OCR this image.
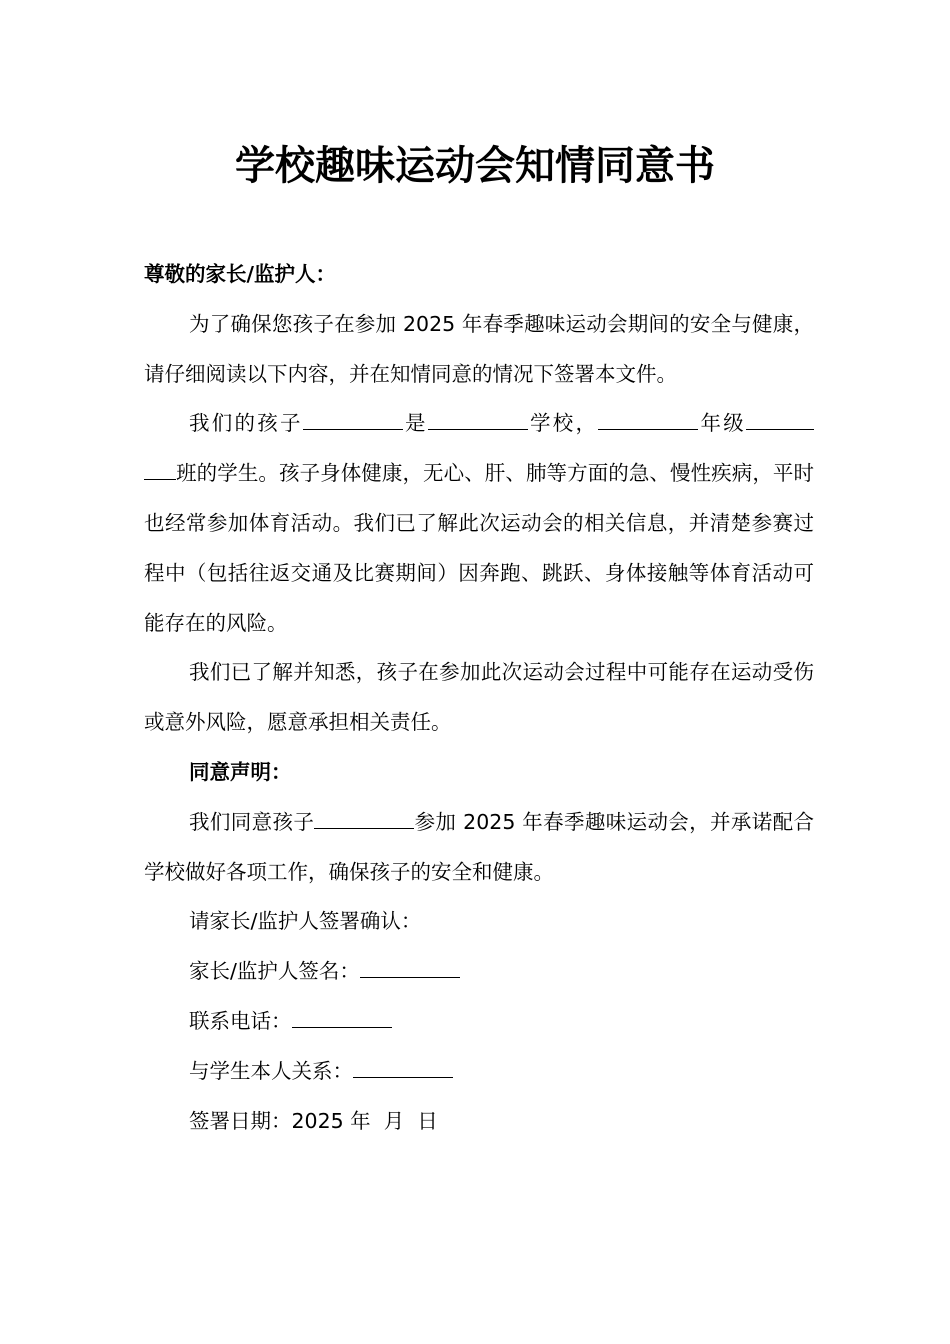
学校趣味运动会知情同意书

尊敬的家长/监护人：

为了确保您孩子在参加 2025 年春季趣味运动会期间的安全与健康，请仔细阅读以下内容，并在知情同意的情况下签署本文件。

我们的孩子	是	学校，	年级班的学生。孩子身体健康，无心、肝、肺等方面的急、慢性疾病，平时也经常参加体育活动。我们已了解此次运动会的相关信息，并清楚参赛过程中（包括往返交通及比赛期间）因奔跑、跳跃、身体接触等体育活动可能存在的风险。

我们已了解并知悉，孩子在参加此次运动会过程中可能存在运动受伤或意外风险，愿意承担相关责任。

同意声明：

我们同意孩子	参加 2025 年春季趣味运动会，并承诺配合学校做好各项工作，确保孩子的安全和健康。

请家长/监护人签署确认：

家长/监护人签名：

联系电话：

与学生本人关系：

签署日期：2025 年  月  日
